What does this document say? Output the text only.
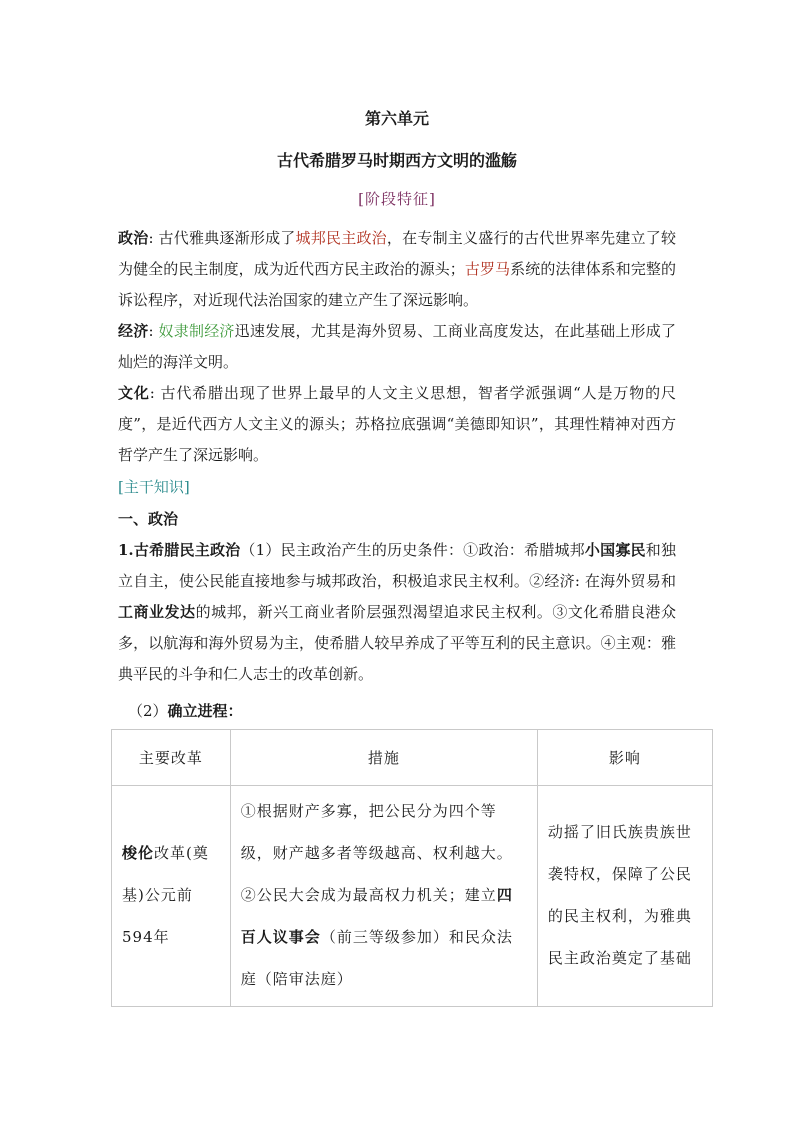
第六单元
古代希腊罗马时期西方文明的滥觞
[阶段特征]
政治: 古代雅典逐渐形成了城邦民主政治，在专制主义盛行的古代世界率先建立了较为健全的民主制度，成为近代西方民主政治的源头；古罗马系统的法律体系和完整的诉讼程序，对近现代法治国家的建立产生了深远影响。
经济: 奴隶制经济迅速发展，尤其是海外贸易、工商业高度发达，在此基础上形成了灿烂的海洋文明。
文化: 古代希腊出现了世界上最早的人文主义思想，智者学派强调“人是万物的尺度”，是近代西方人文主义的源头；苏格拉底强调“美德即知识”，其理性精神对西方哲学产生了深远影响。
[主干知识]
一、政治
1.古希腊民主政治（1）民主政治产生的历史条件：①政治：希腊城邦小国寡民和独立自主，使公民能直接地参与城邦政治，积极追求民主权利。②经济: 在海外贸易和工商业发达的城邦，新兴工商业者阶层强烈渴望追求民主权利。③文化希腊良港众多，以航海和海外贸易为主，使希腊人较早养成了平等互利的民主意识。④主观：雅典平民的斗争和仁人志士的改革创新。
（2）确立进程：
主要改革	措施	影响
梭伦改革(奠基)公元前594年	①根据财产多寡，把公民分为四个等级，财产越多者等级越高、权利越大。②公民大会成为最高权力机关；建立四百人议事会（前三等级参加）和民众法庭（陪审法庭）	动摇了旧氏族贵族世袭特权，保障了公民的民主权利，为雅典民主政治奠定了基础
